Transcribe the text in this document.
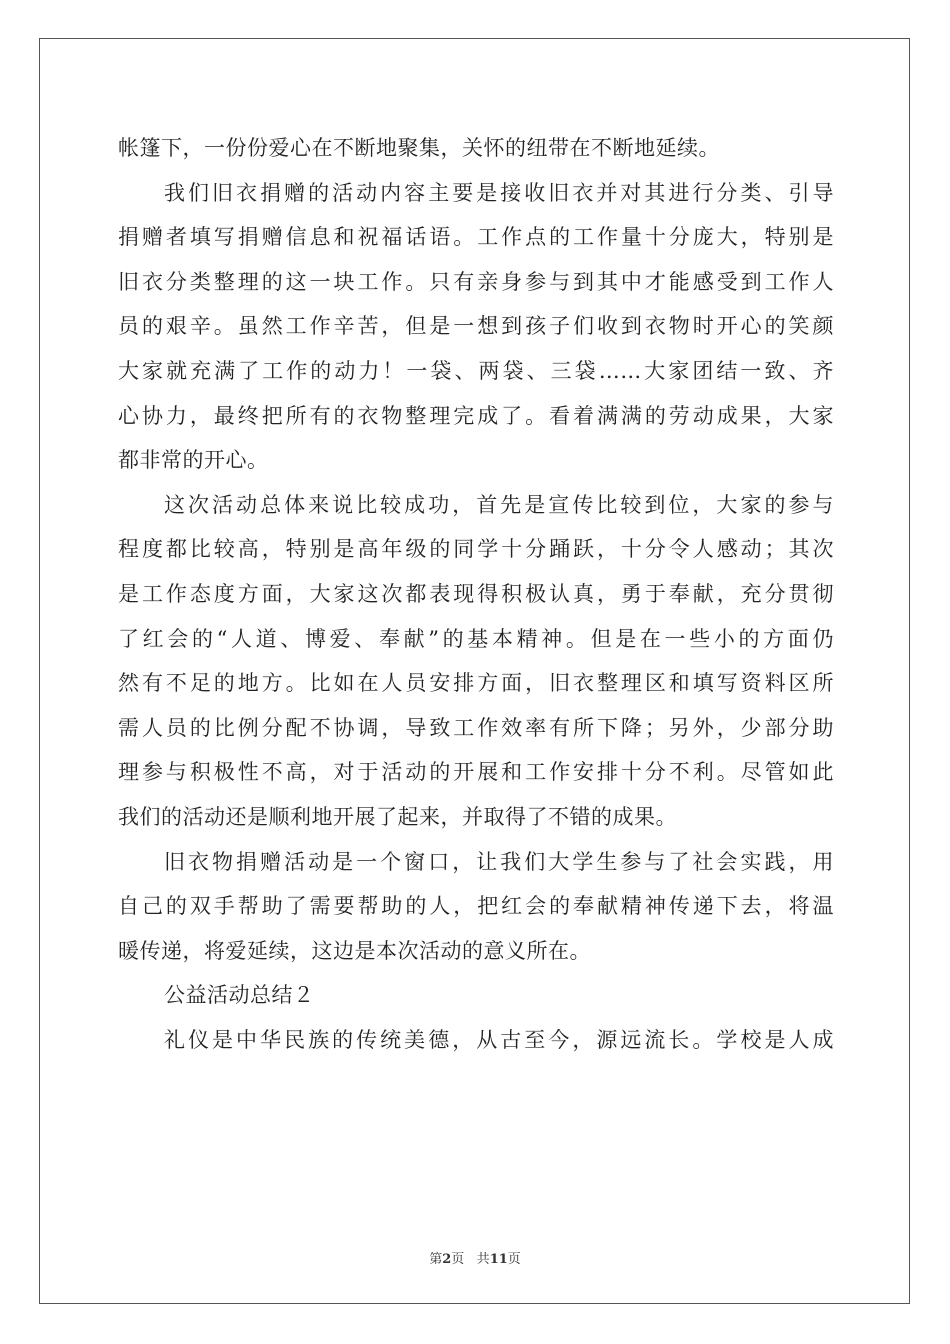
帐篷下，一份份爱心在不断地聚集，关怀的纽带在不断地延续。
我们旧衣捐赠的活动内容主要是接收旧衣并对其进行分类、引导
捐赠者填写捐赠信息和祝福话语。工作点的工作量十分庞大，特别是
旧衣分类整理的这一块工作。只有亲身参与到其中才能感受到工作人
员的艰辛。虽然工作辛苦，但是一想到孩子们收到衣物时开心的笑颜
大家就充满了工作的动力！一袋、两袋、三袋……大家团结一致、齐
心协力，最终把所有的衣物整理完成了。看着满满的劳动成果，大家
都非常的开心。
这次活动总体来说比较成功，首先是宣传比较到位，大家的参与
程度都比较高，特别是高年级的同学十分踊跃，十分令人感动；其次
是工作态度方面，大家这次都表现得积极认真，勇于奉献，充分贯彻
了红会的“人道、博爱、奉献”的基本精神。但是在一些小的方面仍
然有不足的地方。比如在人员安排方面，旧衣整理区和填写资料区所
需人员的比例分配不协调，导致工作效率有所下降；另外，少部分助
理参与积极性不高，对于活动的开展和工作安排十分不利。尽管如此
我们的活动还是顺利地开展了起来，并取得了不错的成果。
旧衣物捐赠活动是一个窗口，让我们大学生参与了社会实践，用
自己的双手帮助了需要帮助的人，把红会的奉献精神传递下去，将温
暖传递，将爱延续，这边是本次活动的意义所在。
公益活动总结２
礼仪是中华民族的传统美德，从古至今，源远流长。学校是人成
第2页 共11页
